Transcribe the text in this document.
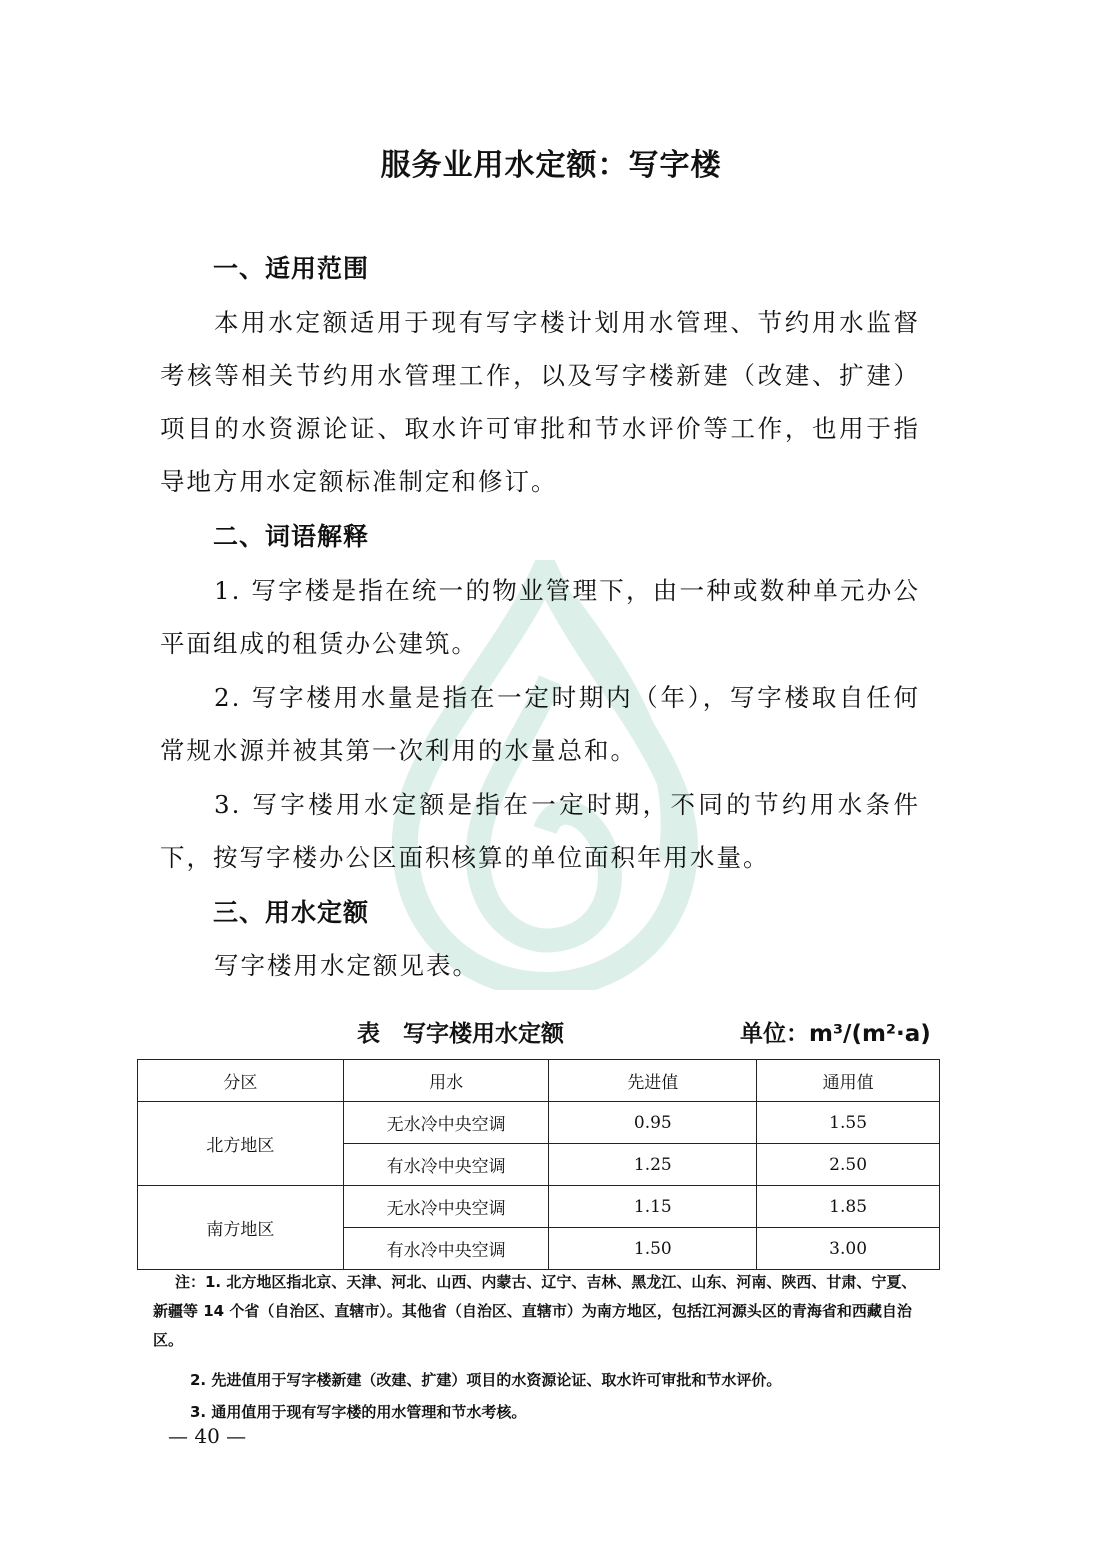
服务业用水定额：写字楼
一、适用范围
本用水定额适用于现有写字楼计划用水管理、节约用水监督考核等相关节约用水管理工作，以及写字楼新建（改建、扩建）项目的水资源论证、取水许可审批和节水评价等工作，也用于指导地方用水定额标准制定和修订。
二、词语解释
1. 写字楼是指在统一的物业管理下，由一种或数种单元办公平面组成的租赁办公建筑。
2. 写字楼用水量是指在一定时期内（年），写字楼取自任何常规水源并被其第一次利用的水量总和。
3. 写字楼用水定额是指在一定时期，不同的节约用水条件下，按写字楼办公区面积核算的单位面积年用水量。
三、用水定额
写字楼用水定额见表。
表　写字楼用水定额	单位：m³/(m²·a)
分区	用水	先进值	通用值
北方地区	无水冷中央空调	0.95	1.55
	有水冷中央空调	1.25	2.50
南方地区	无水冷中央空调	1.15	1.85
	有水冷中央空调	1.50	3.00
注：1. 北方地区指北京、天津、河北、山西、内蒙古、辽宁、吉林、黑龙江、山东、河南、陕西、甘肃、宁夏、新疆等 14 个省（自治区、直辖市）。其他省（自治区、直辖市）为南方地区，包括江河源头区的青海省和西藏自治区。
2. 先进值用于写字楼新建（改建、扩建）项目的水资源论证、取水许可审批和节水评价。
3. 通用值用于现有写字楼的用水管理和节水考核。
— 40 —
